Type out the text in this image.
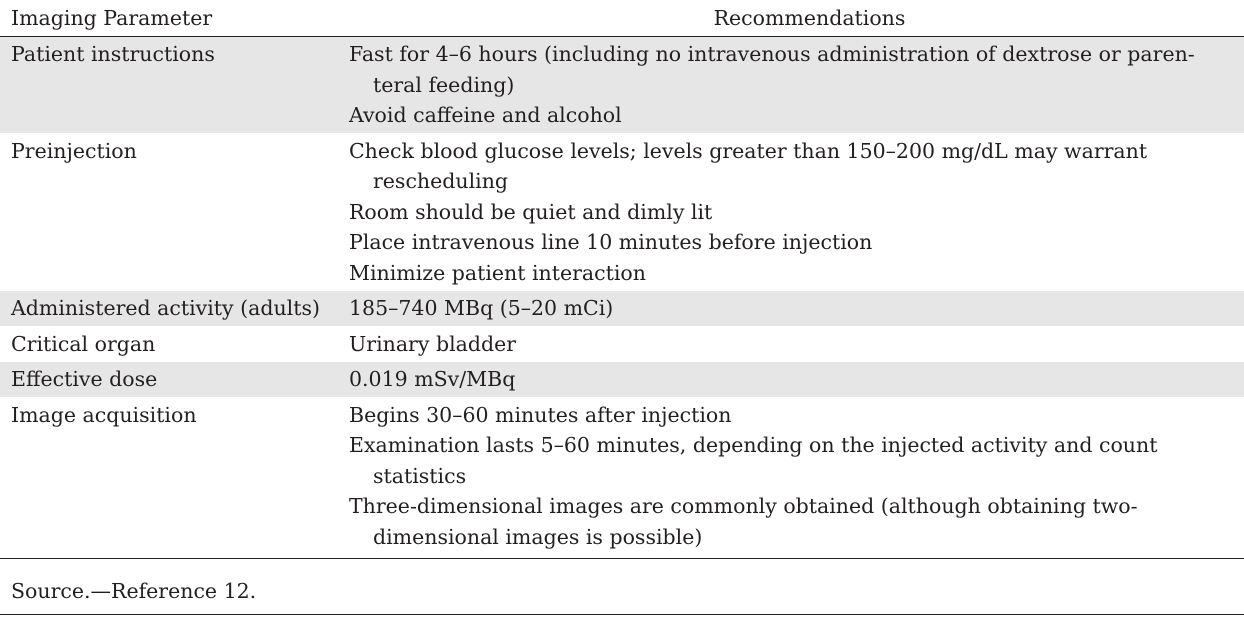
Imaging Parameter	Recommendations
Patient instructions	Fast for 4–6 hours (including no intravenous administration of dextrose or paren-teral feeding)
Avoid caffeine and alcohol

Preinjection	Check blood glucose levels; levels greater than 150–200 mg/dL may warrant rescheduling
Room should be quiet and dimly lit
Place intravenous line 10 minutes before injection
Minimize patient interaction

Administered activity (adults)	185–740 MBq (5–20 mCi)

Critical organ	Urinary bladder

Effective dose	0.019 mSv/MBq

Image acquisition	Begins 30–60 minutes after injection
Examination lasts 5–60 minutes, depending on the injected activity and count statistics
Three-dimensional images are commonly obtained (although obtaining two-dimensional images is possible)
Source.—Reference 12.
